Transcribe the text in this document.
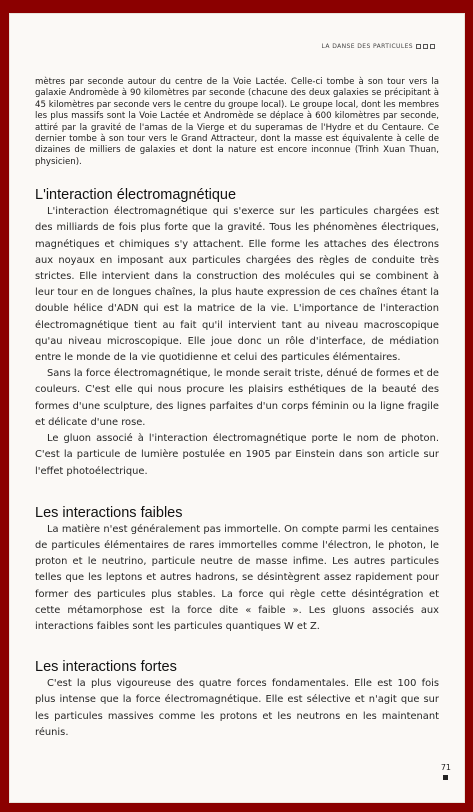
LA DANSE DES PARTICULES

mètres par seconde autour du centre de la Voie Lactée. Celle-ci tombe à son tour vers la galaxie Andromède à 90 kilomètres par seconde (chacune des deux galaxies se précipitant à 45 kilomètres par seconde vers le centre du groupe local). Le groupe local, dont les membres les plus massifs sont la Voie Lactée et Andromède se déplace à 600 kilomètres par seconde, attiré par la gravité de l'amas de la Vierge et du superamas de l'Hydre et du Centaure. Ce dernier tombe à son tour vers le Grand Attracteur, dont la masse est équivalente à celle de dizaines de milliers de galaxies et dont la nature est encore inconnue (Trinh Xuan Thuan, physicien).

L'interaction électromagnétique

L'interaction électromagnétique qui s'exerce sur les particules chargées est des milliards de fois plus forte que la gravité. Tous les phénomènes électriques, magnétiques et chimiques s'y attachent. Elle forme les attaches des électrons aux noyaux en imposant aux particules chargées des règles de conduite très strictes. Elle intervient dans la construction des molécules qui se combinent à leur tour en de longues chaînes, la plus haute expression de ces chaînes étant la double hélice d'ADN qui est la matrice de la vie. L'importance de l'interaction électromagnétique tient au fait qu'il intervient tant au niveau macroscopique qu'au niveau microscopique. Elle joue donc un rôle d'interface, de médiation entre le monde de la vie quotidienne et celui des particules élémentaires.

Sans la force électromagnétique, le monde serait triste, dénué de formes et de couleurs. C'est elle qui nous procure les plaisirs esthétiques de la beauté des formes d'une sculpture, des lignes parfaites d'un corps féminin ou la ligne fragile et délicate d'une rose.

Le gluon associé à l'interaction électromagnétique porte le nom de photon. C'est la particule de lumière postulée en 1905 par Einstein dans son article sur l'effet photoélectrique.

Les interactions faibles

La matière n'est généralement pas immortelle. On compte parmi les centaines de particules élémentaires de rares immortelles comme l'électron, le photon, le proton et le neutrino, particule neutre de masse infime. Les autres particules telles que les leptons et autres hadrons, se désintègrent assez rapidement pour former des particules plus stables. La force qui règle cette désintégration et cette métamorphose est la force dite « faible ». Les gluons associés aux interactions faibles sont les particules quantiques W et Z.

Les interactions fortes

C'est la plus vigoureuse des quatre forces fondamentales. Elle est 100 fois plus intense que la force électromagnétique. Elle est sélective et n'agit que sur les particules massives comme les protons et les neutrons en les maintenant réunis.

71
